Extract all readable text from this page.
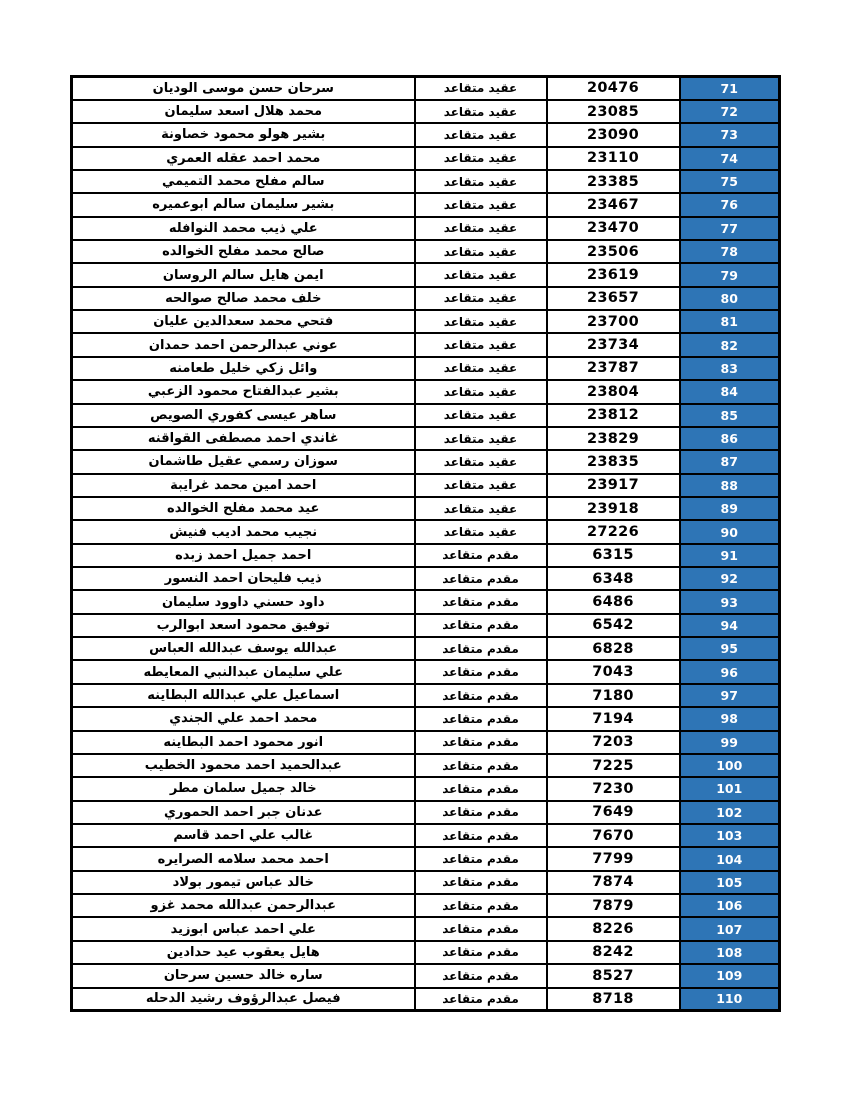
سرحان حسن موسى الوديان	عقيد متقاعد	20476	71
محمد هلال اسعد سليمان	عقيد متقاعد	23085	72
بشير هولو محمود خصاونة	عقيد متقاعد	23090	73
محمد احمد عقله العمري	عقيد متقاعد	23110	74
سالم مفلح محمد التميمي	عقيد متقاعد	23385	75
بشير سليمان سالم ابوعميره	عقيد متقاعد	23467	76
علي ذيب محمد النوافله	عقيد متقاعد	23470	77
صالح محمد مفلح الخوالده	عقيد متقاعد	23506	78
ايمن هايل سالم الروسان	عقيد متقاعد	23619	79
خلف محمد صالح صوالحه	عقيد متقاعد	23657	80
فتحي محمد سعدالدين عليان	عقيد متقاعد	23700	81
عوني عبدالرحمن احمد حمدان	عقيد متقاعد	23734	82
وائل زكي خليل طعامنه	عقيد متقاعد	23787	83
بشير عبدالفتاح محمود الزعبي	عقيد متقاعد	23804	84
ساهر عيسى كفوري الصويص	عقيد متقاعد	23812	85
غاندي احمد مصطفى القواقنه	عقيد متقاعد	23829	86
سوزان رسمي عقيل طاشمان	عقيد متقاعد	23835	87
احمد امين محمد غرايبة	عقيد متقاعد	23917	88
عيد محمد مفلح الخوالده	عقيد متقاعد	23918	89
نجيب محمد اديب فنيش	عقيد متقاعد	27226	90
احمد جميل احمد زبده	مقدم متقاعد	6315	91
ذيب فليحان احمد النسور	مقدم متقاعد	6348	92
داود حسني داوود سليمان	مقدم متقاعد	6486	93
توفيق محمود اسعد ابوالرب	مقدم متقاعد	6542	94
عبدالله يوسف عبدالله العباس	مقدم متقاعد	6828	95
علي سليمان عبدالنبي المعايطه	مقدم متقاعد	7043	96
اسماعيل علي عبدالله البطاينه	مقدم متقاعد	7180	97
محمد احمد علي الجندي	مقدم متقاعد	7194	98
انور محمود احمد البطاينه	مقدم متقاعد	7203	99
عبدالحميد احمد محمود الخطيب	مقدم متقاعد	7225	100
خالد جميل سلمان مطر	مقدم متقاعد	7230	101
عدنان جبر احمد الحموري	مقدم متقاعد	7649	102
غالب علي احمد قاسم	مقدم متقاعد	7670	103
احمد محمد سلامه الصرايره	مقدم متقاعد	7799	104
خالد عباس تيمور بولاد	مقدم متقاعد	7874	105
عبدالرحمن عبدالله محمد غزو	مقدم متقاعد	7879	106
علي احمد عباس ابوزيد	مقدم متقاعد	8226	107
هايل يعقوب عيد حدادين	مقدم متقاعد	8242	108
ساره خالد حسين سرحان	مقدم متقاعد	8527	109
فيصل عبدالرؤوف رشيد الدحله	مقدم متقاعد	8718	110
